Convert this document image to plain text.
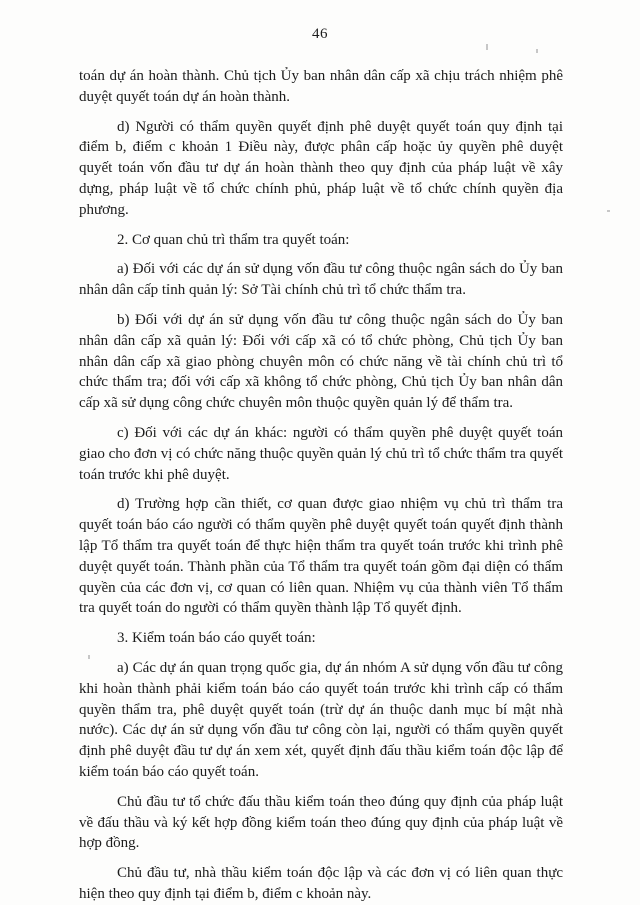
46

toán dự án hoàn thành. Chủ tịch Ủy ban nhân dân cấp xã chịu trách nhiệm phê duyệt quyết toán dự án hoàn thành.

d) Người có thẩm quyền quyết định phê duyệt quyết toán quy định tại điểm b, điểm c khoản 1 Điều này, được phân cấp hoặc ủy quyền phê duyệt quyết toán vốn đầu tư dự án hoàn thành theo quy định của pháp luật về xây dựng, pháp luật về tổ chức chính phủ, pháp luật về tổ chức chính quyền địa phương.

2. Cơ quan chủ trì thẩm tra quyết toán:

a) Đối với các dự án sử dụng vốn đầu tư công thuộc ngân sách do Ủy ban nhân dân cấp tỉnh quản lý: Sở Tài chính chủ trì tổ chức thẩm tra.

b) Đối với dự án sử dụng vốn đầu tư công thuộc ngân sách do Ủy ban nhân dân cấp xã quản lý: Đối với cấp xã có tổ chức phòng, Chủ tịch Ủy ban nhân dân cấp xã giao phòng chuyên môn có chức năng về tài chính chủ trì tổ chức thẩm tra; đối với cấp xã không tổ chức phòng, Chủ tịch Ủy ban nhân dân cấp xã sử dụng công chức chuyên môn thuộc quyền quản lý để thẩm tra.

c) Đối với các dự án khác: người có thẩm quyền phê duyệt quyết toán giao cho đơn vị có chức năng thuộc quyền quản lý chủ trì tổ chức thẩm tra quyết toán trước khi phê duyệt.

d) Trường hợp cần thiết, cơ quan được giao nhiệm vụ chủ trì thẩm tra quyết toán báo cáo người có thẩm quyền phê duyệt quyết toán quyết định thành lập Tổ thẩm tra quyết toán để thực hiện thẩm tra quyết toán trước khi trình phê duyệt quyết toán. Thành phần của Tổ thẩm tra quyết toán gồm đại diện có thẩm quyền của các đơn vị, cơ quan có liên quan. Nhiệm vụ của thành viên Tổ thẩm tra quyết toán do người có thẩm quyền thành lập Tổ quyết định.

3. Kiểm toán báo cáo quyết toán:

a) Các dự án quan trọng quốc gia, dự án nhóm A sử dụng vốn đầu tư công khi hoàn thành phải kiểm toán báo cáo quyết toán trước khi trình cấp có thẩm quyền thẩm tra, phê duyệt quyết toán (trừ dự án thuộc danh mục bí mật nhà nước). Các dự án sử dụng vốn đầu tư công còn lại, người có thẩm quyền quyết định phê duyệt đầu tư dự án xem xét, quyết định đấu thầu kiểm toán độc lập để kiểm toán báo cáo quyết toán.

Chủ đầu tư tổ chức đấu thầu kiểm toán theo đúng quy định của pháp luật về đấu thầu và ký kết hợp đồng kiểm toán theo đúng quy định của pháp luật về hợp đồng.

Chủ đầu tư, nhà thầu kiểm toán độc lập và các đơn vị có liên quan thực hiện theo quy định tại điểm b, điểm c khoản này.
